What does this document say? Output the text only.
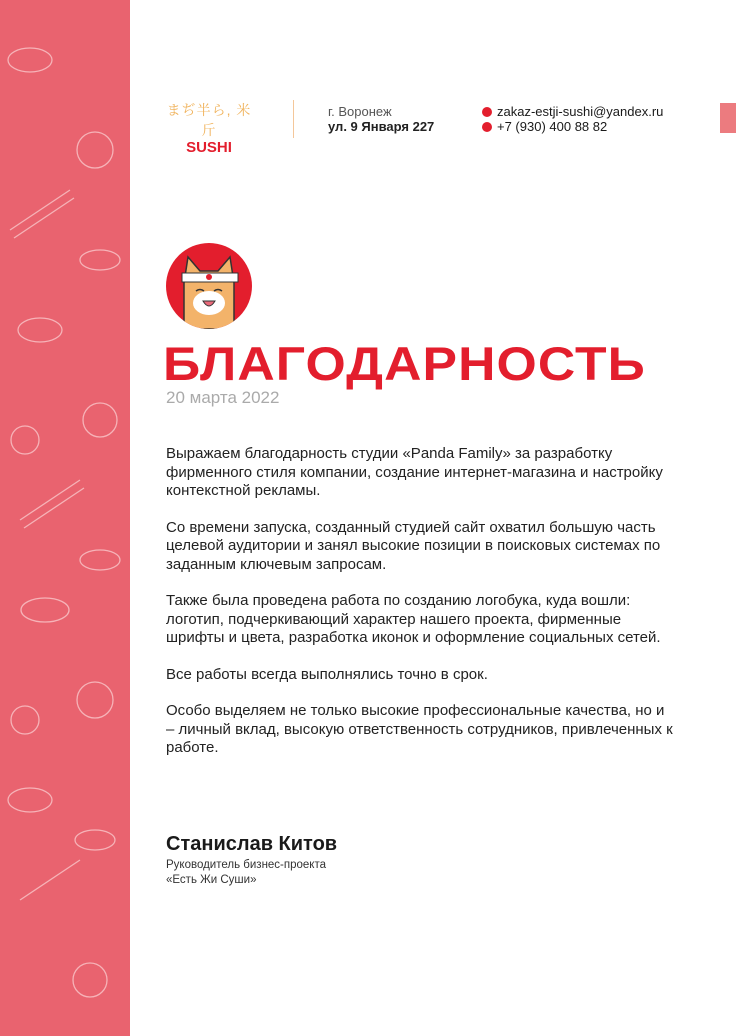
まぢ半ら, ⽶⽄
SUSHI
г. Воронеж
ул. 9 Января 227
zakaz-estji-sushi@yandex.ru
+7 (930) 400 88 82
БЛАГОДАРНОСТЬ
20 марта 2022

Выражаем благодарность студии «Panda Family» за разработку фирменного стиля компании, создание интернет-магазина и настройку контекстной рекламы.

Со времени запуска, созданный студией сайт охватил большую часть целевой аудитории и занял высокие позиции в поисковых системах по заданным ключевым запросам.

Также была проведена работа по созданию логобука, куда вошли: логотип, подчеркивающий характер нашего проекта, фирменные шрифты и цвета, разработка иконок и оформление социальных сетей.

Все работы всегда выполнялись точно в срок.

Особо выделяем не только высокие профессиональные качества, но и – личный вклад, высокую ответственность сотрудников, привлеченных к работе.

Станислав Китов
Руководитель бизнес-проекта
«Есть Жи Суши»
